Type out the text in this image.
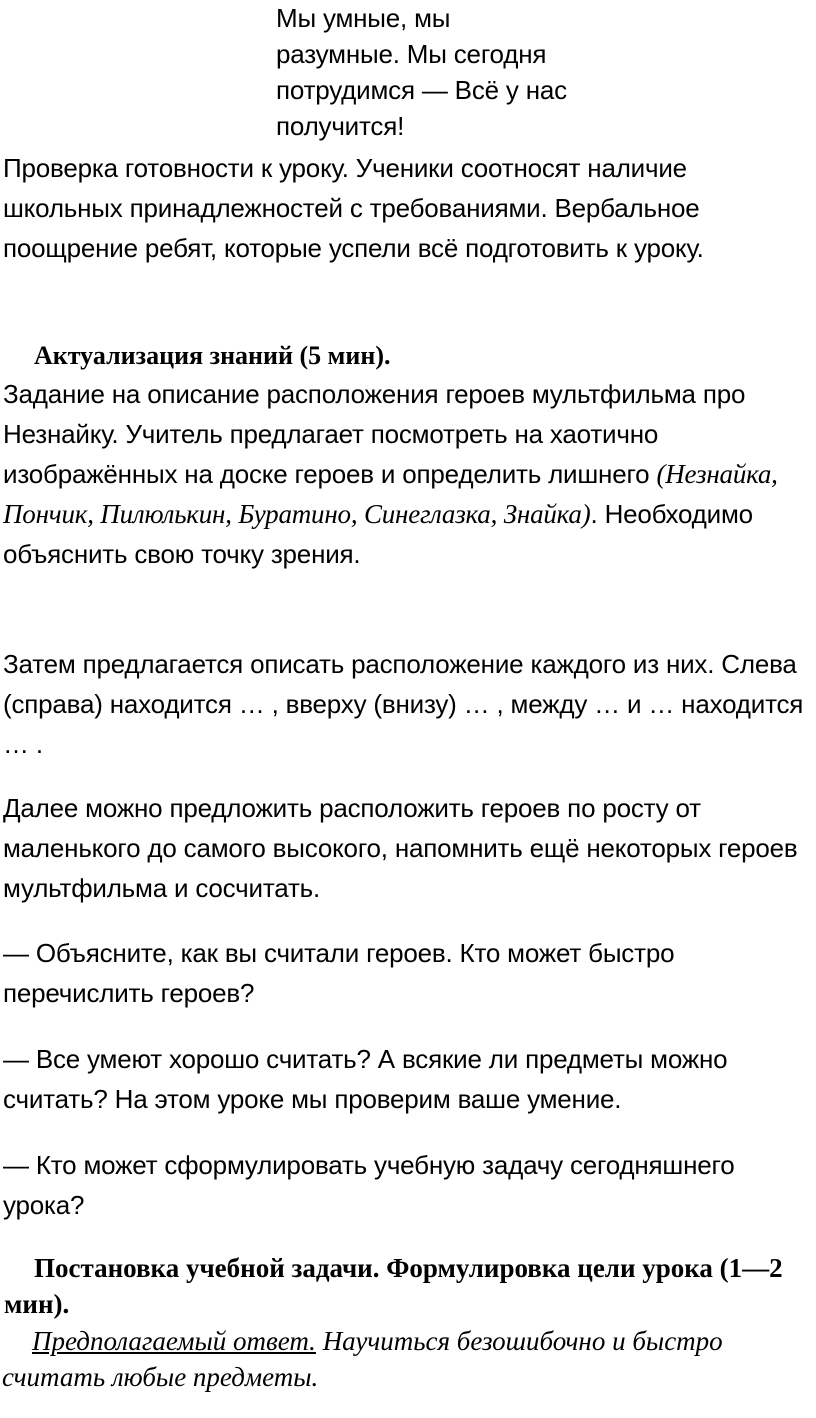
Мы умные, мы

разумные. Мы сегодня

потрудимся — Всё у нас

получится!

Проверка готовности к уроку. Ученики соотносят наличие школьных принадлежностей с требованиями. Вербальное поощрение ребят, которые успели всё подготовить к уроку.

Актуализация знаний (5 мин).

Задание на описание расположения героев мультфильма про Незнайку. Учитель предлагает посмотреть на хаотично изображённых на доске героев и определить лишнего (Незнайка, Пончик, Пилюлькин, Буратино, Синеглазка, Знайка). Необходимо объяснить свою точку зрения.

Затем предлагается описать расположение каждого из них. Слева (справа) находится … , вверху (внизу) … , между … и … находится … .

Далее можно предложить расположить героев по росту от маленького до самого высокого, напомнить ещё некоторых героев мультфильма и сосчитать.

— Объясните, как вы считали героев. Кто может быстро перечислить героев?

— Все умеют хорошо считать? А всякие ли предметы можно считать? На этом уроке мы проверим ваше умение.

— Кто может сформулировать учебную задачу сегодняшнего урока?

Постановка учебной задачи. Формулировка цели урока (1—2 мин).

Предполагаемый ответ. Научиться безошибочно и быстро считать любые предметы.
